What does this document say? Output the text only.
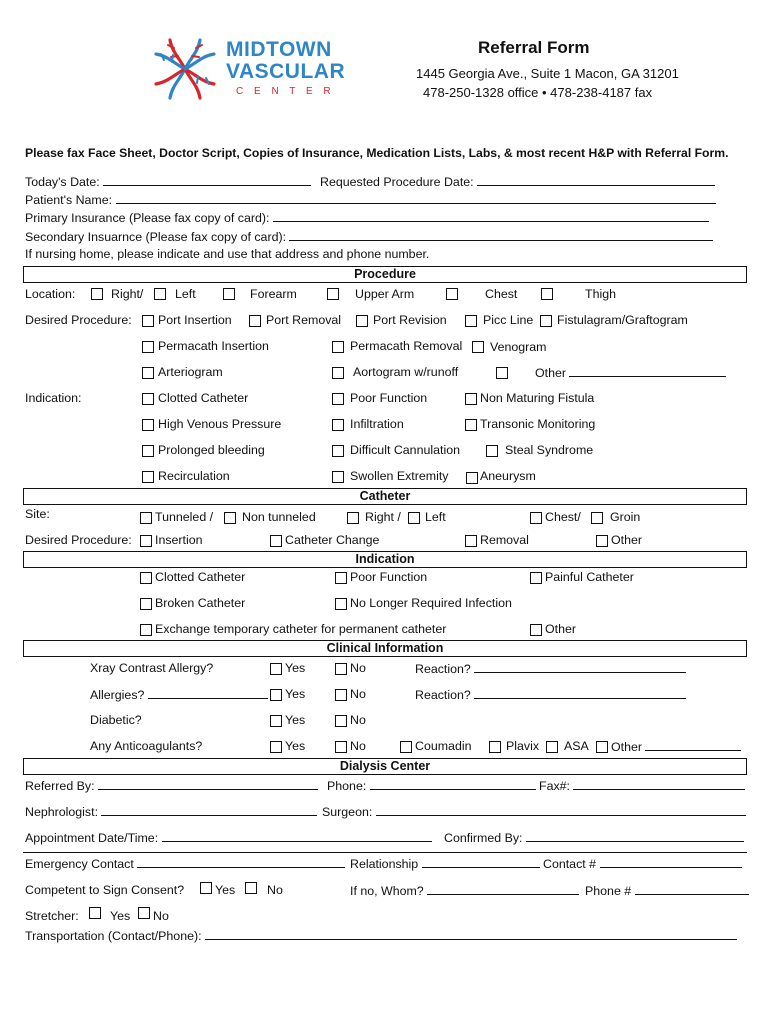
MIDTOWN
VASCULAR
C E N T E R
Referral Form
1445 Georgia Ave., Suite 1 Macon, GA 31201
478-250-1328 office • 478-238-4187 fax
Please fax Face Sheet, Doctor Script, Copies of Insurance, Medication Lists, Labs, & most recent H&P with Referral Form.
Today's Date:	Requested Procedure Date:
Patient's Name:
Primary Insurance (Please fax copy of card):
Secondary Insuarnce (Please fax copy of card):
If nursing home, please indicate and use that address and phone number.
Procedure
Location:	Right/	Left	Forearm	Upper Arm	Chest	Thigh
Desired Procedure: Port Insertion	Port Removal	Port Revision	Picc Line Fistulagram/Graftogram
Permacath Insertion	Permacath Removal Venogram
Arteriogram	Aortogram w/runoff	Other
Indication:	Clotted Catheter	Poor Function	Non Maturing Fistula
High Venous Pressure	Infiltration	Transonic Monitoring
Prolonged bleeding	Difficult Cannulation	Steal Syndrome
Recirculation	Swollen Extremity	Aneurysm
Catheter
Site:	Tunneled / Non tunneled	Right / Left	Chest/ Groin
Desired Procedure: Insertion	Catheter Change	Removal	Other
Indication
Clotted Catheter	Poor Function	Painful Catheter
Broken Catheter	No Longer Required Infection
Exchange temporary catheter for permanent catheter	Other
Clinical Information
Xray Contrast Allergy?	Yes	No	Reaction?
Allergies?	Yes	No	Reaction?
Diabetic?	Yes	No
Any Anticoagulants?	Yes	No	Coumadin	Plavix ASA Other
Dialysis Center
Referred By:	Phone:	Fax#:
Nephrologist:	Surgeon:
Appointment Date/Time:	Confirmed By:
Emergency Contact	Relationship	Contact #
Competent to Sign Consent? Yes	No	If no, Whom?	Phone #
Stretcher:	Yes No
Transportation (Contact/Phone):
